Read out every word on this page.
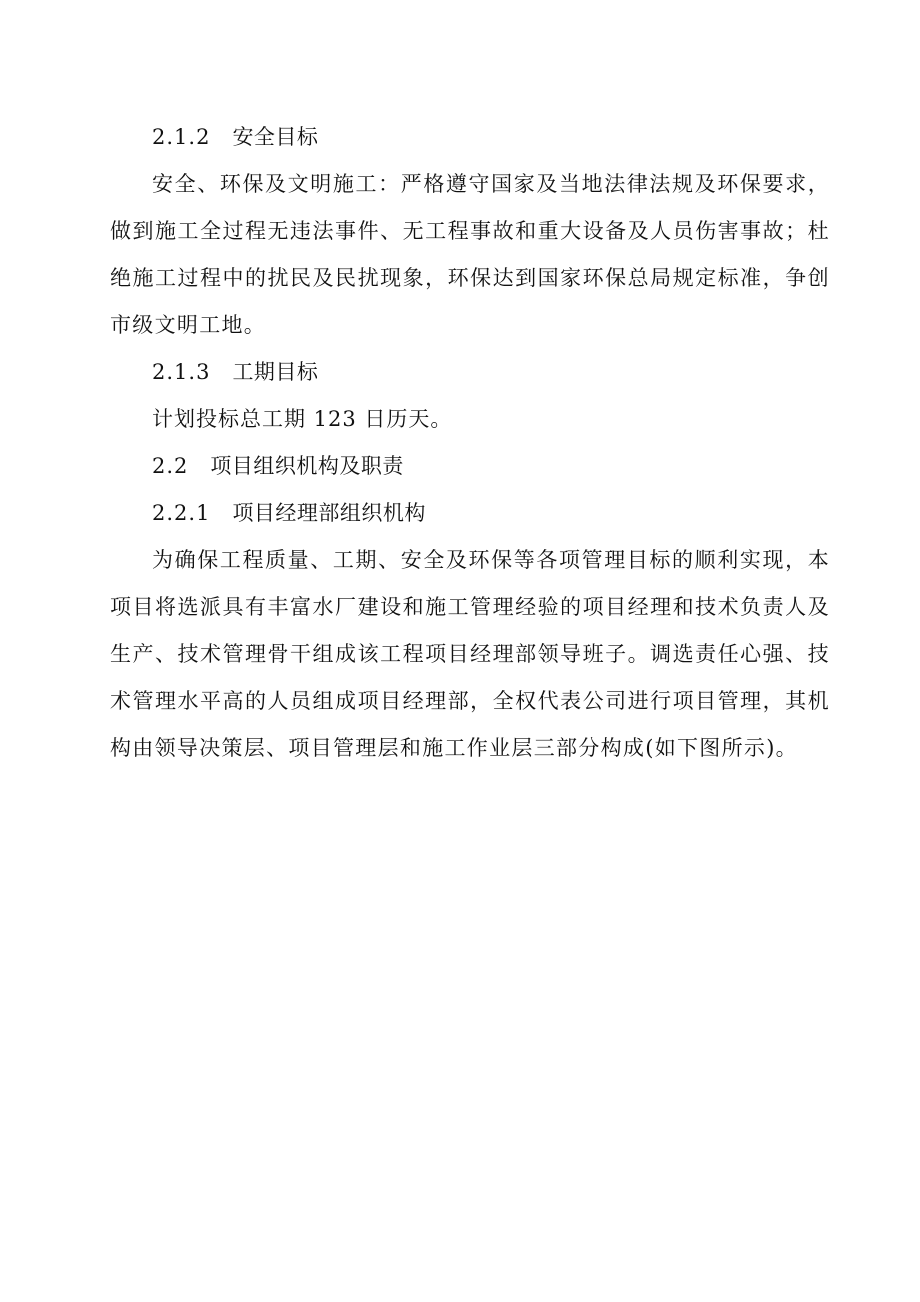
2.1.2 安全目标

安全、环保及文明施工：严格遵守国家及当地法律法规及环保要求，做到施工全过程无违法事件、无工程事故和重大设备及人员伤害事故；杜绝施工过程中的扰民及民扰现象，环保达到国家环保总局规定标准，争创市级文明工地。

2.1.3 工期目标
计划投标总工期 123 日历天。
2.2 项目组织机构及职责
2.2.1 项目经理部组织机构

为确保工程质量、工期、安全及环保等各项管理目标的顺利实现，本项目将选派具有丰富水厂建设和施工管理经验的项目经理和技术负责人及生产、技术管理骨干组成该工程项目经理部领导班子。调选责任心强、技术管理水平高的人员组成项目经理部，全权代表公司进行项目管理，其机构由领导决策层、项目管理层和施工作业层三部分构成(如下图所示)。
